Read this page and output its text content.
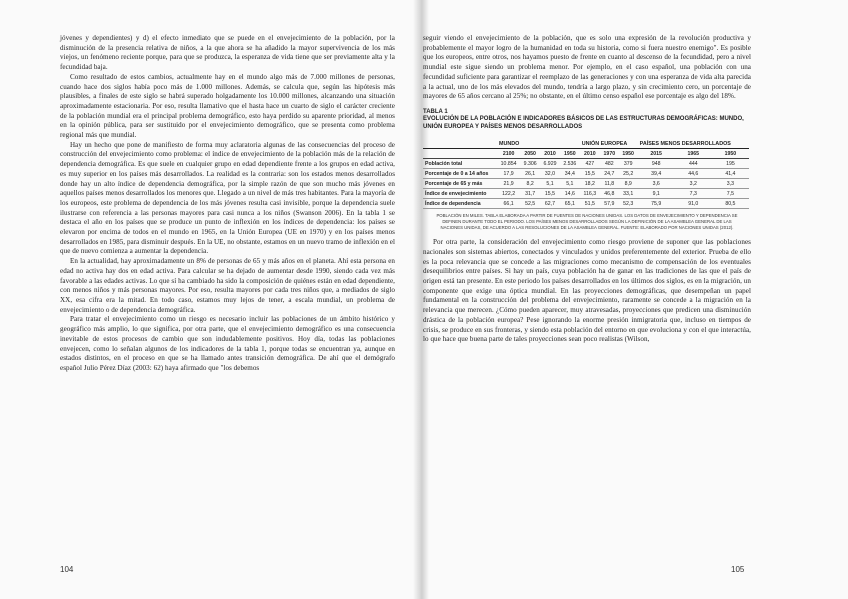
jóvenes y dependientes) y d) el efecto inmediato que se puede en el envejecimiento de la población, por la disminución de la presencia relativa de niños, a la que ahora se ha añadido la mayor supervivencia de los más viejos, un fenómeno reciente porque, para que se produzca, la esperanza de vida tiene que ser previamente alta y la fecundidad baja.

Como resultado de estos cambios, actualmente hay en el mundo algo más de 7.000 millones de personas, cuando hace dos siglos había poco más de 1.000 millones. Además, se calcula que, según las hipótesis más plausibles, a finales de este siglo se habrá superado holgadamente los 10.000 millones, alcanzando una situación aproximadamente estacionaria. Por eso, resulta llamativo que el hasta hace un cuarto de siglo el carácter creciente de la población mundial era el principal problema demográfico, esto haya perdido su aparente prioridad, al menos en la opinión pública, para ser sustituido por el envejecimiento demográfico, que se presenta como problema regional más que mundial.

Hay un hecho que pone de manifiesto de forma muy aclaratoria algunas de las consecuencias del proceso de construcción del envejecimiento como problema: el índice de envejecimiento de la población más de la relación de dependencia demográfica. Es que suele en cualquier grupo en edad dependiente frente a los grupos en edad activa, es muy superior en los países más desarrollados. La realidad es la contraria: son los estados menos desarrollados donde hay un alto índice de dependencia demográfica, por la simple razón de que son mucho más jóvenes en aquellos países menos desarrollados los menores que. Llegado a un nivel de más tres habitantes. Para la mayoría de los europeos, este problema de dependencia de los más jóvenes resulta casi invisible, porque la dependencia suele ilustrarse con referencia a las personas mayores para casi nunca a los niños (Swanson 2006). En la tabla 1 se destaca el año en los países que se produce un punto de inflexión en los índices de dependencia: los países se elevaron por encima de todos en el mundo en 1965, en la Unión Europea (UE en 1970) y en los países menos desarrollados en 1985, para disminuir después. En la UE, no obstante, estamos en un nuevo tramo de inflexión en el que de nuevo comienza a aumentar la dependencia.

En la actualidad, hay aproximadamente un 8% de personas de 65 y más años en el planeta. Ahí esta persona en edad no activa hay dos en edad activa. Para calcular se ha dejado de aumentar desde 1990, siendo cada vez más favorable a las edades activas. Lo que sí ha cambiado ha sido la composición de quiénes están en edad dependiente, con menos niños y más personas mayores. Por eso, resulta mayores por cada tres niños que, a mediados de siglo XX, esa cifra era la mitad. En todo caso, estamos muy lejos de tener, a escala mundial, un problema de envejecimiento o de dependencia demográfica.

Para tratar el envejecimiento como un riesgo es necesario incluir las poblaciones de un ámbito histórico y geográfico más amplio, lo que significa, por otra parte, que el envejecimiento demográfico es una consecuencia inevitable de estos procesos de cambio que son indudablemente positivos. Hoy día, todas las poblaciones envejecen, como lo señalan algunos de los indicadores de la tabla 1, porque todas se encuentran ya, aunque en estados distintos, en el proceso en que se ha llamado antes transición demográfica. De ahí que el demógrafo español Julio Pérez Díaz (2003: 62) haya afirmado que "los debemos

104

seguir viendo el envejecimiento de la población, que es solo una expresión de la revolución productiva y probablemente el mayor logro de la humanidad en toda su historia, como si fuera nuestro enemigo". Es posible que los europeos, entre otros, nos hayamos puesto de frente en cuanto al descenso de la fecundidad, pero a nivel mundial este sigue siendo un problema menor. Por ejemplo, en el caso español, una población con una fecundidad suficiente para garantizar el reemplazo de las generaciones y con una esperanza de vida alta parecida a la actual, uno de los más elevados del mundo, tendría a largo plazo, y sin crecimiento cero, un porcentaje de mayores de 65 años cercano al 25%; no obstante, en el último censo español ese porcentaje es algo del 18%.

TABLA 1
EVOLUCIÓN DE LA POBLACIÓN E INDICADORES BÁSICOS DE LAS ESTRUCTURAS DEMOGRÁFICAS: MUNDO, UNIÓN EUROPEA Y PAÍSES MENOS DESARROLLADOS
	MUNDO				UNIÓN EUROPEA			PAÍSES MENOS DESARROLLADOS		
	2100	2050	2010	1950	2010	1970	1950	2015	1965	1950
Población total	10.854	9.306	6.929	2.536	427	482	379	948	444	195
Porcentaje de 0 a 14 años	17,9	26,1	32,0	34,4	15,5	24,7	25,2	39,4	44,6	41,4
Porcentaje de 65 y más	21,9	8,2	5,1	5,1	18,2	11,8	8,9	3,6	3,2	3,3
Índice de envejecimiento	122,2	31,7	15,5	14,6	116,3	46,8	33,1	9,1	7,3	7,5
Índice de dependencia	66,1	52,5	62,7	65,1	51,5	57,9	52,3	75,9	91,0	80,5
POBLACIÓN EN MILES. TABLA ELABORADA A PARTIR DE FUENTES DE NACIONES UNIDAS. LOS DATOS DE ENVEJECIMIENTO Y DEPENDENCIA SE DEFINEN DURANTE TODO EL PERIODO. LOS PAÍSES MENOS DESARROLLADOS SEGÚN LA DEFINICIÓN DE LA ASAMBLEA GENERAL DE LAS NACIONES UNIDAS, DE ACUERDO A LAS RESOLUCIONES DE LA ASAMBLEA GENERAL. FUENTE: ELABORADO POR NACIONES UNIDAS (2012).

Por otra parte, la consideración del envejecimiento como riesgo proviene de suponer que las poblaciones nacionales son sistemas abiertos, conectados y vinculados y unidos preferentemente del exterior. Prueba de ello es la poca relevancia que se concede a las migraciones como mecanismo de compensación de los eventuales desequilibrios entre países. Si hay un país, cuya población ha de ganar en las tradiciones de las que el país de origen está tan presente. En este periodo los países desarrollados en los últimos dos siglos, es en la migración, un componente que exige una óptica mundial. En las proyecciones demográficas, que desempeñan un papel fundamental en la construcción del problema del envejecimiento, raramente se concede a la migración en la relevancia que merecen. ¿Cómo pueden aparecer, muy atravesadas, proyecciones que predicen una disminución drástica de la población europea? Pese ignorando la enorme presión inmigratoria que, incluso en tiempos de crisis, se produce en sus fronteras, y siendo esta población del entorno en que evoluciona y con el que interactúa, lo que hace que buena parte de tales proyecciones sean poco realistas (Wilson,

105
